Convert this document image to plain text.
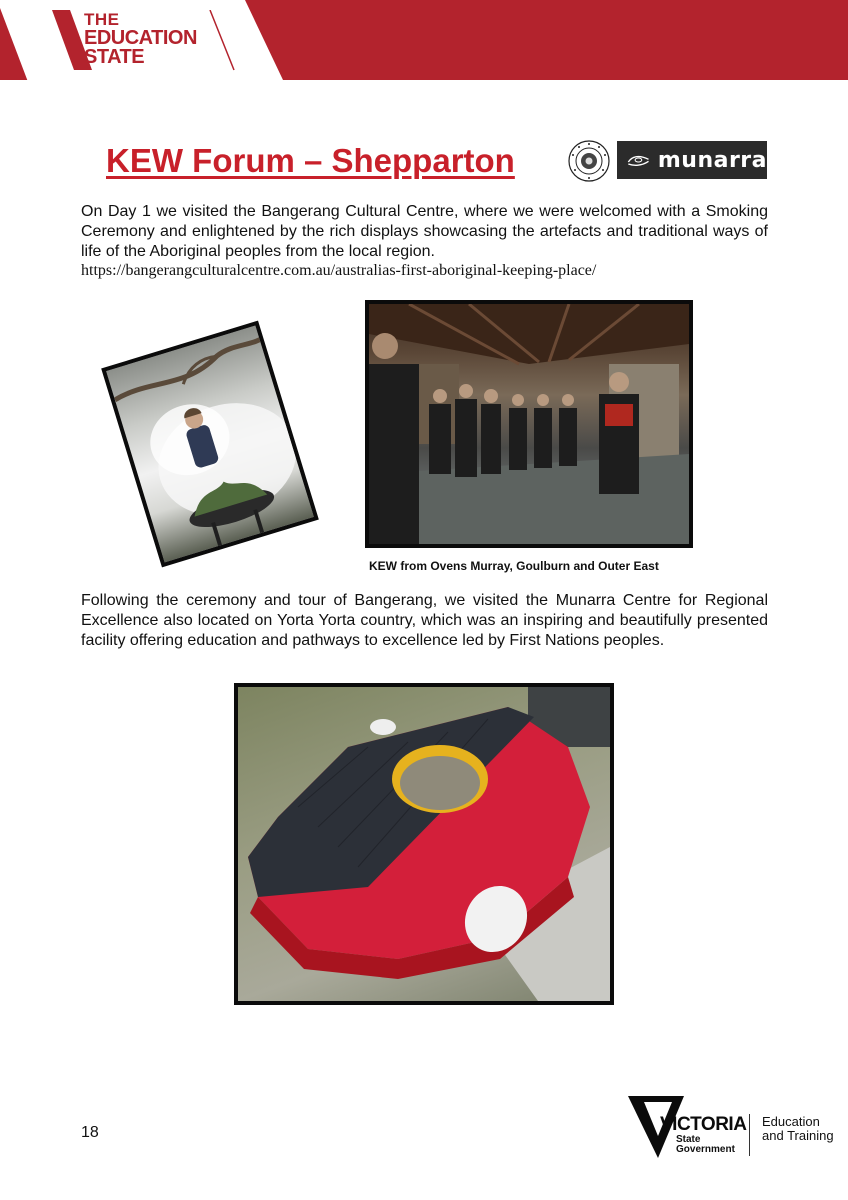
THE
EDUCATION
STATE
KEW Forum – Shepparton	munarra

On Day 1 we visited the Bangerang Cultural Centre, where we were welcomed with a Smoking Ceremony and enlightened by the rich displays showcasing the artefacts and traditional ways of life of the Aboriginal peoples from the local region.

https://bangerangculturalcentre.com.au/australias-first-aboriginal-keeping-place/
KEW from Ovens Murray, Goulburn and Outer East

Following the ceremony and tour of Bangerang, we visited the Munarra Centre for Regional Excellence also located on Yorta Yorta country, which was an inspiring and beautifully presented facility offering education and pathways to excellence led by First Nations peoples.

18	VICTORIA
State
Government
Education
and Training
